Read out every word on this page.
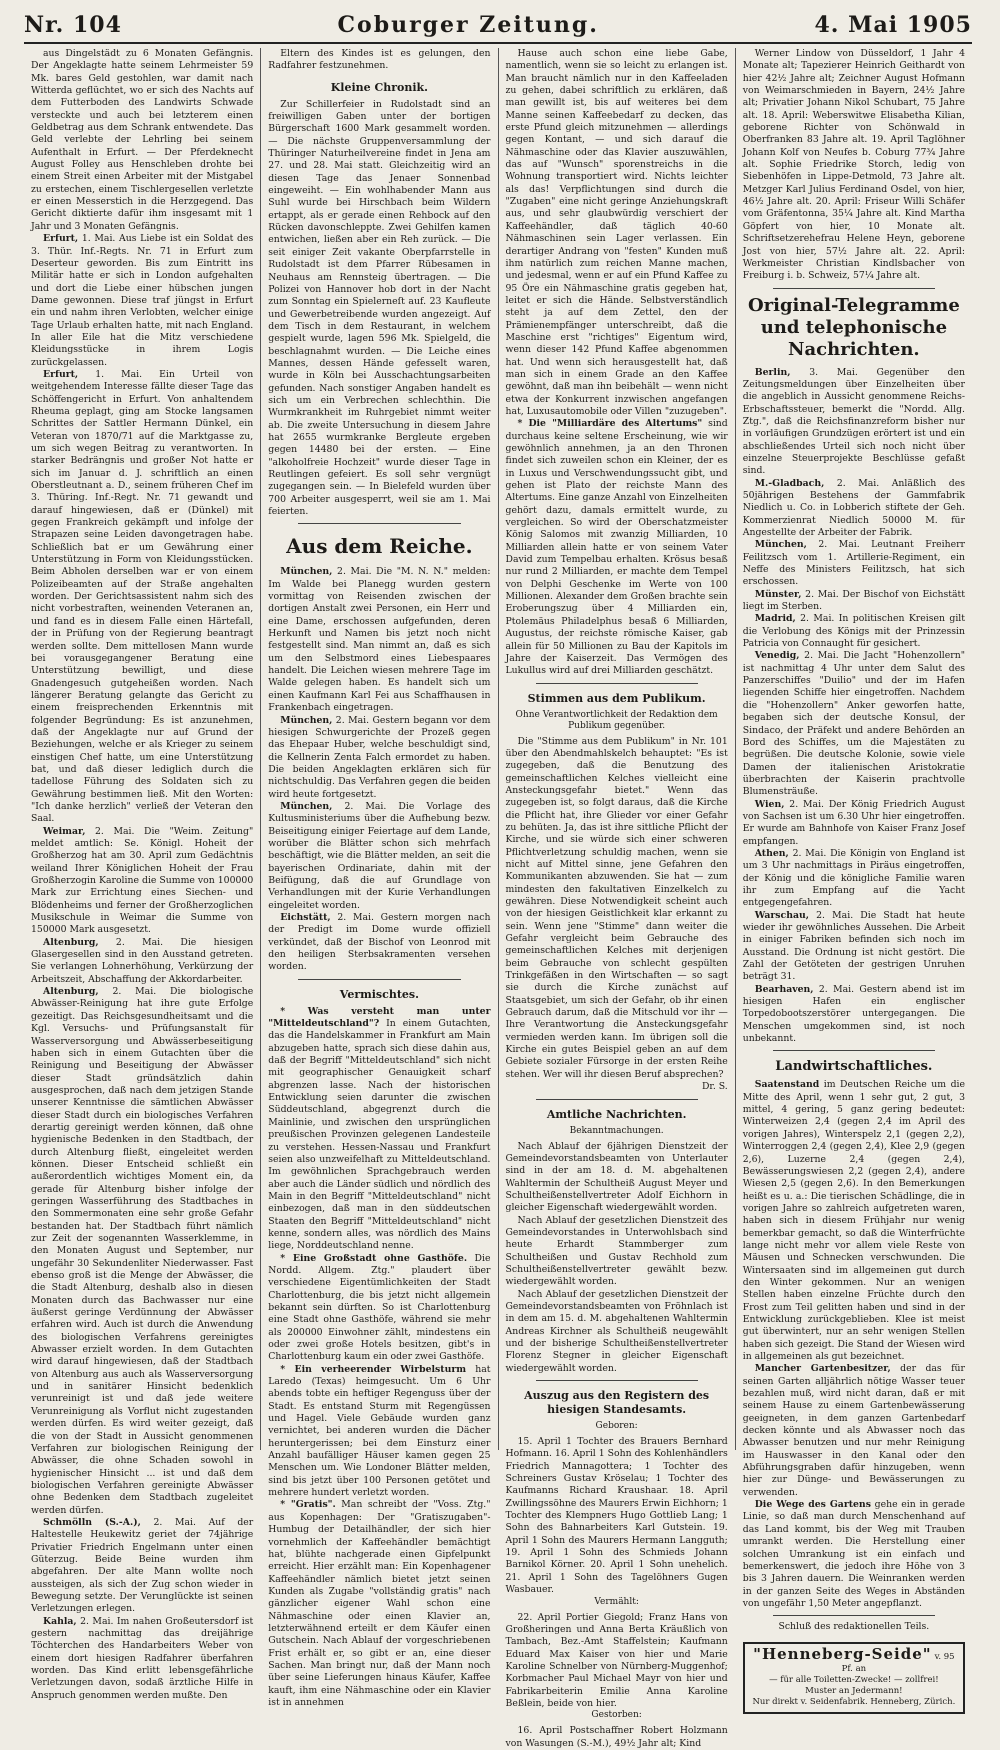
Nr. 104	Coburger Zeitung.	4. Mai 1905

aus Dingelstädt zu 6 Monaten Gefängnis. Der Angeklagte hatte seinem Lehrmeister 59 Mk. bares Geld gestohlen, war damit nach Witterda geflüchtet, wo er sich des Nachts auf dem Futterboden des Landwirts Schwade versteckte und auch bei letzterem einen Geldbetrag aus dem Schrank entwendete. Das Geld verlebte der Lehrling bei seinem Aufenthalt in Erfurt. — Der Pferdeknecht August Folley aus Henschleben drohte bei einem Streit einen Arbeiter mit der Mistgabel zu erstechen, einem Tischlergesellen verletzte er einen Messerstich in die Herzgegend. Das Gericht diktierte dafür ihm insgesamt mit 1 Jahr und 3 Monaten Gefängnis.

Erfurt, 1. Mai. Aus Liebe ist ein Soldat des 3. Thür. Inf.-Regts. Nr. 71 in Erfurt zum Deserteur geworden. Bis zum Eintritt ins Militär hatte er sich in London aufgehalten und dort die Liebe einer hübschen jungen Dame gewonnen. Diese traf jüngst in Erfurt ein und nahm ihren Verlobten, welcher einige Tage Urlaub erhalten hatte, mit nach England. In aller Eile hat die Mitz verschiedene Kleidungsstücke in ihrem Logis zurückgelassen.

Erfurt, 1. Mai. Ein Urteil von weitgehendem Interesse fällte dieser Tage das Schöffengericht in Erfurt. Von anhaltendem Rheuma geplagt, ging am Stocke langsamen Schrittes der Sattler Hermann Dünkel, ein Veteran von 1870/71 auf die Marktgasse zu, um sich wegen Beitrag zu verantworten. In starker Bedrängnis und großer Not hatte er sich im Januar d. J. schriftlich an einen Oberstleutnant a. D., seinem früheren Chef im 3. Thüring. Inf.-Regt. Nr. 71 gewandt und darauf hingewiesen, daß er (Dünkel) mit gegen Frankreich gekämpft und infolge der Strapazen seine Leiden davongetragen habe. Schließlich bat er um Gewährung einer Unterstützung in Form von Kleidungsstücken. Beim Abholen derselben war er von einem Polizeibeamten auf der Straße angehalten worden. Der Gerichtsassistent nahm sich des nicht vorbestraften, weinenden Veteranen an, und fand es in diesem Falle einen Härtefall, der in Prüfung von der Regierung beantragt werden sollte. Dem mittellosen Mann wurde bei vorausgegangener Beratung eine Unterstützung bewilligt, und diese Gnadengesuch gutgeheißen worden. Nach längerer Beratung gelangte das Gericht zu einem freisprechenden Erkenntnis mit folgender Begründung: Es ist anzunehmen, daß der Angeklagte nur auf Grund der Beziehungen, welche er als Krieger zu seinem einstigen Chef hatte, um eine Unterstützung bat, und daß dieser lediglich durch die tadellose Führung des Soldaten sich zu Gewährung bestimmen ließ. Mit den Worten: "Ich danke herzlich" verließ der Veteran den Saal.

Weimar, 2. Mai. Die "Weim. Zeitung" meldet amtlich: Se. Königl. Hoheit der Großherzog hat am 30. April zum Gedächtnis weiland Ihrer Königlichen Hoheit der Frau Großherzogin Karoline die Summe von 100000 Mark zur Errichtung eines Siechen- und Blödenheims und ferner der Großherzoglichen Musikschule in Weimar die Summe von 150000 Mark ausgesetzt.

Altenburg, 2. Mai. Die hiesigen Glasergesellen sind in den Ausstand getreten. Sie verlangen Lohnerhöhung, Verkürzung der Arbeitszeit, Abschaffung der Akkordarbeiter.

Altenburg, 2. Mai. Die biologische Abwässer-Reinigung hat ihre gute Erfolge gezeitigt. Das Reichsgesundheitsamt und die Kgl. Versuchs- und Prüfungsanstalt für Wasserversorgung und Abwässerbeseitigung haben sich in einem Gutachten über die Reinigung und Beseitigung der Abwässer dieser Stadt gründsätzlich dahin ausgesprochen, daß nach dem jetzigen Stande unserer Kenntnisse die sämtlichen Abwässer dieser Stadt durch ein biologisches Verfahren derartig gereinigt werden können, daß ohne hygienische Bedenken in den Stadtbach, der durch Altenburg fließt, eingeleitet werden können. Dieser Entscheid schließt ein außerordentlich wichtiges Moment ein, da gerade für Altenburg bisher infolge der geringen Wasserführung des Stadtbaches in den Sommermonaten eine sehr große Gefahr bestanden hat. Der Stadtbach führt nämlich zur Zeit der sogenannten Wasserklemme, in den Monaten August und September, nur ungefähr 30 Sekundenliter Niederwasser. Fast ebenso groß ist die Menge der Abwässer, die die Stadt Altenburg, deshalb also in diesen Monaten durch das Bachwasser nur eine äußerst geringe Verdünnung der Abwässer erfahren wird. Auch ist durch die Anwendung des biologischen Verfahrens gereinigtes Abwasser erzielt worden. In dem Gutachten wird darauf hingewiesen, daß der Stadtbach von Altenburg aus auch als Wasserversorgung und in sanitärer Hinsicht bedenklich verunreinigt ist und daß jede weitere Verunreinigung als Vorflut nicht zugestanden werden dürfen. Es wird weiter gezeigt, daß die von der Stadt in Aussicht genommenen Verfahren zur biologischen Reinigung der Abwässer, die ohne Schaden sowohl in hygienischer Hinsicht ... ist und daß dem biologischen Verfahren gereinigte Abwässer ohne Bedenken dem Stadtbach zugeleitet werden dürfen.

Schmölln (S.-A.), 2. Mai. Auf der Haltestelle Heukewitz geriet der 74jährige Privatier Friedrich Engelmann unter einen Güterzug. Beide Beine wurden ihm abgefahren. Der alte Mann wollte noch aussteigen, als sich der Zug schon wieder in Bewegung setzte. Der Verunglückte ist seinen Verletzungen erlegen.

Kahla, 2. Mai. Im nahen Großeutersdorf ist gestern nachmittag das dreijährige Töchterchen des Handarbeiters Weber von einem dort hiesigen Radfahrer überfahren worden. Das Kind erlitt lebensgefährliche Verletzungen davon, sodaß ärztliche Hilfe in Anspruch genommen werden mußte. Den

Eltern des Kindes ist es gelungen, den Radfahrer festzunehmen.

Kleine Chronik.

Zur Schillerfeier in Rudolstadt sind an freiwilligen Gaben unter der bortigen Bürgerschaft 1600 Mark gesammelt worden. — Die nächste Gruppenversammlung der Thüringer Naturheilvereine findet in Jena am 27. und 28. Mai statt. Gleichzeitig wird an diesen Tage das Jenaer Sonnenbad eingeweiht. — Ein wohlhabender Mann aus Suhl wurde bei Hirschbach beim Wildern ertappt, als er gerade einen Rehbock auf den Rücken davonschleppte. Zwei Gehilfen kamen entwichen, ließen aber ein Reh zurück. — Die seit einiger Zeit vakante Oberpfarrstelle in Rudolstadt ist dem Pfarrer Rübesamen in Neuhaus am Rennsteig übertragen. — Die Polizei von Hannover hob dort in der Nacht zum Sonntag ein Spielerneſt auf. 23 Kaufleute und Gewerbetreibende wurden angezeigt. Auf dem Tisch in dem Restaurant, in welchem gespielt wurde, lagen 596 Mk. Spielgeld, die beschlagnahmt wurden. — Die Leiche eines Mannes, dessen Hände gefesselt waren, wurde in Köln bei Ausschachtungsarbeiten gefunden. Nach sonstiger Angaben handelt es sich um ein Verbrechen schlechthin. Die Wurmkrankheit im Ruhrgebiet nimmt weiter ab. Die zweite Untersuchung in diesem Jahre hat 2655 wurmkranke Bergleute ergeben gegen 14480 bei der ersten. — Eine "alkoholfreie Hochzeit" wurde dieser Tage in Reutlingen gefeiert. Es soll sehr vergnügt zugegangen sein. — In Bielefeld wurden über 700 Arbeiter ausgesperrt, weil sie am 1. Mai feierten.

Aus dem Reiche.

München, 2. Mai. Die "M. N. N." melden: Im Walde bei Planegg wurden gestern vormittag von Reisenden zwischen der dortigen Anstalt zwei Personen, ein Herr und eine Dame, erschossen aufgefunden, deren Herkunft und Namen bis jetzt noch nicht festgestellt sind. Man nimmt an, daß es sich um den Selbstmord eines Liebespaares handelt. Die Leichen wiesen mehrere Tage im Walde gelegen haben. Es handelt sich um einen Kaufmann Karl Fei aus Schaffhausen in Frankenbach eingetragen.

München, 2. Mai. Gestern begann vor dem hiesigen Schwurgerichte der Prozeß gegen das Ehepaar Huber, welche beschuldigt sind, die Kellnerin Zenta Falch ermordet zu haben. Die beiden Angeklagten erklären sich für nichtschuldig. Das Verfahren gegen die beiden wird heute fortgesetzt.

München, 2. Mai. Die Vorlage des Kultusministeriums über die Aufhebung bezw. Beiseitigung einiger Feiertage auf dem Lande, worüber die Blätter schon sich mehrfach beschäftigt, wie die Blätter melden, an seit die bayerischen Ordinariate, dahin mit der Beifügung, daß die auf Grundlage von Verhandlungen mit der Kurie Verhandlungen eingeleitet worden.

Eichstätt, 2. Mai. Gestern morgen nach der Predigt im Dome wurde offiziell verkündet, daß der Bischof von Leonrod mit den heiligen Sterbsakramenten versehen worden.

Vermischtes.

* Was versteht man unter "Mitteldeutschland"? In einem Gutachten, das die Handelskammer in Frankfurt am Main abzugeben hatte, sprach sich diese dahin aus, daß der Begriff "Mitteldeutschland" sich nicht mit geographischer Genauigkeit scharf abgrenzen lasse. Nach der historischen Entwicklung seien darunter die zwischen Süddeutschland, abgegrenzt durch die Mainlinie, und zwischen den ursprünglichen preußischen Provinzen gelegenen Landesteile zu verstehen. Hessen-Nassau und Frankfurt seien also unzweifelhaft zu Mitteldeutschland. Im gewöhnlichen Sprachgebrauch werden aber auch die Länder südlich und nördlich des Main in den Begriff "Mitteldeutschland" nicht einbezogen, daß man in den süddeutschen Staaten den Begriff "Mitteldeutschland" nicht kenne, sondern alles, was nördlich des Mains liege, Norddeutschland nenne.

* Eine Großstadt ohne Gasthöfe. Die Nordd. Allgem. Ztg." plaudert über verschiedene Eigentümlichkeiten der Stadt Charlottenburg, die bis jetzt nicht allgemein bekannt sein dürften. So ist Charlottenburg eine Stadt ohne Gasthöfe, während sie mehr als 200000 Einwohner zählt, mindestens ein oder zwei große Hotels besitzen, gibt's in Charlottenburg kaum ein oder zwei Gasthöfe.

* Ein verheerender Wirbelsturm hat Laredo (Texas) heimgesucht. Um 6 Uhr abends tobte ein heftiger Regenguss über der Stadt. Es entstand Sturm mit Regengüssen und Hagel. Viele Gebäude wurden ganz vernichtet, bei anderen wurden die Dächer heruntergerissen; bei dem Einsturz einer Anzahl baufälliger Häuser kamen gegen 25 Menschen um. Wie Londoner Blätter melden, sind bis jetzt über 100 Personen getötet und mehrere hundert verletzt worden.

* "Gratis". Man schreibt der "Voss. Ztg." aus Kopenhagen: Der "Gratiszugaben"-Humbug der Detailhändler, der sich hier vornehmlich der Kaffeehändler bemächtigt hat, blühte nachgerade einen Gipfelpunkt erreicht. Hier erzählt man: Ein Kopenhagener Kaffeehändler nämlich bietet jetzt seinen Kunden als Zugabe "vollständig gratis" nach gänzlicher eigener Wahl schon eine Nähmaschine oder einen Klavier an, letzterwähnend erteilt er dem Käufer einen Gutschein. Nach Ablauf der vorgeschriebenen Frist erhält er, so gibt er an, eine dieser Sachen. Man bringt nur, daß der Mann noch über seine Lieferungen hinaus Käufer, Kaffee kauft, ihm eine Nähmaschine oder ein Klavier ist in annehmen

Hause auch schon eine liebe Gabe, namentlich, wenn sie so leicht zu erlangen ist. Man braucht nämlich nur in den Kaffeeladen zu gehen, dabei schriftlich zu erklären, daß man gewillt ist, bis auf weiteres bei dem Manne seinen Kaffeebedarf zu decken, das erste Pfund gleich mitzunehmen — allerdings gegen Kontant, — und sich darauf die Nähmaschine oder das Klavier auszuwählen, das auf "Wunsch" sporenstreichs in die Wohnung transportiert wird. Nichts leichter als das! Verpflichtungen sind durch die "Zugaben" eine nicht geringe Anziehungskraft aus, und sehr glaubwürdig verschiert der Kaffeehändler, daß täglich 40-60 Nähmaschinen sein Lager verlassen. Ein derartiger Andrang von "festen" Kunden muß ihm natürlich zum reichen Manne machen, und jedesmal, wenn er auf ein Pfund Kaffee zu 95 Öre ein Nähmaschine gratis gegeben hat, leitet er sich die Hände. Selbstverständlich steht ja auf dem Zettel, den der Prämienempfänger unterschreibt, daß die Maschine erst "richtiges" Eigentum wird, wenn dieser 142 Pfund Kaffee abgenommen hat. Und wenn sich herausgestellt hat, daß man sich in einem Grade an den Kaffee gewöhnt, daß man ihn beibehält — wenn nicht etwa der Konkurrent inzwischen angefangen hat, Luxusautomobile oder Villen "zuzugeben".

* Die "Milliardäre des Altertums" sind durchaus keine seltene Erscheinung, wie wir gewöhnlich annehmen, ja an den Thronen findet sich zuweilen schon ein Kleiner, der es in Luxus und Verschwendungssucht gibt, und gehen ist Plato der reichste Mann des Altertums. Eine ganze Anzahl von Einzelheiten gehört dazu, damals ermittelt wurde, zu vergleichen. So wird der Oberschatzmeister König Salomos mit zwanzig Milliarden, 10 Milliarden allein hatte er von seinem Vater David zum Tempelbau erhalten. Krösus besaß nur rund 2 Milliarden, er machte dem Tempel von Delphi Geschenke im Werte von 100 Millionen. Alexander dem Großen brachte sein Eroberungszug über 4 Milliarden ein, Ptolemäus Philadelphus besaß 6 Milliarden, Augustus, der reichste römische Kaiser, gab allein für 50 Millionen zu Bau der Kapitols im Jahre der Kaiserzeit. Das Vermögen des Lukullus wird auf drei Milliarden geschätzt.

Stimmen aus dem Publikum.
Ohne Verantwortlichkeit der Redaktion dem Publikum gegenüber.

Die "Stimme aus dem Publikum" in Nr. 101 über den Abendmahlskelch behauptet: "Es ist zugegeben, daß die Benutzung des gemeinschaftlichen Kelches vielleicht eine Ansteckungsgefahr bietet." Wenn das zugegeben ist, so folgt daraus, daß die Kirche die Pflicht hat, ihre Glieder vor einer Gefahr zu behüten. Ja, das ist ihre sittliche Pflicht der Kirche, und sie würde sich einer schweren Pflichtverletzung schuldig machen, wenn sie nicht auf Mittel sinne, jene Gefahren den Kommunikanten abzuwenden. Sie hat — zum mindesten den fakultativen Einzelkelch zu gewähren. Diese Notwendigkeit scheint auch von der hiesigen Geistlichkeit klar erkannt zu sein. Wenn jene "Stimme" dann weiter die Gefahr vergleicht beim Gebrauche des gemeinschaftlichen Kelches mit derjenigen beim Gebrauche von schlecht gespülten Trinkgefäßen in den Wirtschaften — so sagt sie durch die Kirche zunächst auf Staatsgebiet, um sich der Gefahr, ob ihr einen Gebrauch darum, daß die Mitschuld vor ihr — Ihre Verantwortung die Ansteckungsgefahr vermieden werden kann. Im übrigen soll die Kirche ein gutes Beispiel geben an auf dem Gebiete sozialer Fürsorge in der ersten Reihe stehen. Wer will ihr diesen Beruf absprechen?

Dr. S.

Amtliche Nachrichten.
Bekanntmachungen.

Nach Ablauf der 6jährigen Dienstzeit der Gemeindevorstandsbeamten von Unterlauter sind in der am 18. d. M. abgehaltenen Wahltermin der Schultheiß August Meyer und Schultheißenstellvertreter Adolf Eichhorn in gleicher Eigenschaft wiedergewählt worden.

Nach Ablauf der gesetzlichen Dienstzeit des Gemeindevorstandes in Unterwohlsbach sind heute Erhardt Stammberger zum Schultheißen und Gustav Rechhold zum Schultheißenstellvertreter gewählt bezw. wiedergewählt worden.

Nach Ablauf der gesetzlichen Dienstzeit der Gemeindevorstandsbeamten von Fröhnlach ist in dem am 15. d. M. abgehaltenen Wahltermin Andreas Kirchner als Schultheiß neugewählt und der bisherige Schultheißenstellvertreter Florenz Stegner in gleicher Eigenschaft wiedergewählt worden.

Auszug aus den Registern des hiesigen Standesamts.
Geboren:

15. April 1 Tochter des Brauers Bernhard Hofmann. 16. April 1 Sohn des Kohlenhändlers Friedrich Mannagottera; 1 Tochter des Schreiners Gustav Kröselau; 1 Tochter des Kaufmanns Richard Kraushaar. 18. April Zwillingssöhne des Maurers Erwin Eichhorn; 1 Tochter des Klempners Hugo Gottlieb Lang; 1 Sohn des Bahnarbeiters Karl Gutstein. 19. April 1 Sohn des Maurers Hermann Langguth; 19. April 1 Sohn des Schmieds Johann Barnikol Körner. 20. April 1 Sohn unehelich. 21. April 1 Sohn des Tagelöhners Gugen Wasbauer.

Vermählt:

22. April Portier Giegold; Franz Hans von Großheringen und Anna Berta Kräußlich von Tambach, Bez.-Amt Staffelstein; Kaufmann Eduard Max Kaiser von hier und Marie Karoline Schnelber von Nürnberg-Muggenhof; Korbmacher Paul Michael Mayr von hier und Fabrikarbeiterin Emilie Anna Karoline Beßlein, beide von hier.

Gestorben:

16. April Postschaffner Robert Holzmann von Wasungen (S.-M.), 49½ Jahr alt; Kind

Werner Lindow von Düsseldorf, 1 Jahr 4 Monate alt; Tapezierer Heinrich Geithardt von hier 42½ Jahre alt; Zeichner August Hofmann von Weimarschmieden in Bayern, 24½ Jahre alt; Privatier Johann Nikol Schubart, 75 Jahre alt. 18. April: Weberswitwe Elisabetha Kilian, geborene Richter von Schönwald in Oberfranken 83 Jahre alt. 19. April Taglöhner Johann Kolf von Neufes b. Coburg 77¾ Jahre alt. Sophie Friedrike Storch, ledig von Siebenhöfen in Lippe-Detmold, 73 Jahre alt. Metzger Karl Julius Ferdinand Osdel, von hier, 46½ Jahre alt. 20. April: Friseur Willi Schäfer vom Gräfentonna, 35¼ Jahre alt. Kind Martha Göpfert von hier, 10 Monate alt. Schriftsetzerehefrau Helene Heyn, geborene Jost von hier, 57½ Jahre alt. 22. April: Werkmeister Christian Kindlsbacher von Freiburg i. b. Schweiz, 57¼ Jahre alt.

Original-Telegramme und telephonische Nachrichten.

Berlin, 3. Mai. Gegenüber den Zeitungsmeldungen über Einzelheiten über die angeblich in Aussicht genommene Reichs-Erbschaftssteuer, bemerkt die "Nordd. Allg. Ztg.", daß die Reichsfinanzreform bisher nur in vorläufigen Grundzügen erörtert ist und ein abschließendes Urteil sich noch nicht über einzelne Steuerprojekte Beschlüsse gefaßt sind.

M.-Gladbach, 2. Mai. Anläßlich des 50jährigen Bestehens der Gammfabrik Niedlich u. Co. in Lobberich stiftete der Geh. Kommerzienrat Niedlich 50000 M. für Angestellte der Arbeiter der Fabrik.

München, 2. Mai. Leutnant Freiherr Feilitzsch vom 1. Artillerie-Regiment, ein Neffe des Ministers Feilitzsch, hat sich erschossen.

Münster, 2. Mai. Der Bischof von Eichstätt liegt im Sterben.

Madrid, 2. Mai. In politischen Kreisen gilt die Verlobung des Königs mit der Prinzessin Patricia von Connaught für gesichert.

Venedig, 2. Mai. Die Jacht "Hohenzollern" ist nachmittag 4 Uhr unter dem Salut des Panzerschiffes "Duilio" und der im Hafen liegenden Schiffe hier eingetroffen. Nachdem die "Hohenzollern" Anker geworfen hatte, begaben sich der deutsche Konsul, der Sindaco, der Präfekt und andere Behörden an Bord des Schiffes, um die Majestäten zu begrüßen. Die deutsche Kolonie, sowie viele Damen der italienischen Aristokratie überbrachten der Kaiserin prachtvolle Blumensträuße.

Wien, 2. Mai. Der König Friedrich August von Sachsen ist um 6.30 Uhr hier eingetroffen. Er wurde am Bahnhofe von Kaiser Franz Josef empfangen.

Athen, 2. Mai. Die Königin von England ist um 3 Uhr nachmittags in Piräus eingetroffen, der König und die königliche Familie waren ihr zum Empfang auf die Yacht entgegengefahren.

Warschau, 2. Mai. Die Stadt hat heute wieder ihr gewöhnliches Aussehen. Die Arbeit in einiger Fabriken befinden sich noch im Ausstand. Die Ordnung ist nicht gestört. Die Zahl der Getöteten der gestrigen Unruhen beträgt 31.

Bearhaven, 2. Mai. Gestern abend ist im hiesigen Hafen ein englischer Torpedobootszerstörer untergegangen. Die Menschen umgekommen sind, ist noch unbekannt.

Landwirtschaftliches.

Saatenstand im Deutschen Reiche um die Mitte des April, wenn 1 sehr gut, 2 gut, 3 mittel, 4 gering, 5 ganz gering bedeutet: Winterweizen 2,4 (gegen 2,4 im April des vorigen Jahres), Winterspelz 2,1 (gegen 2,2), Winterroggen 2,4 (gegen 2,4), Klee 2,9 (gegen 2,6), Luzerne 2,4 (gegen 2,4), Bewässerungswiesen 2,2 (gegen 2,4), andere Wiesen 2,5 (gegen 2,6). In den Bemerkungen heißt es u. a.: Die tierischen Schädlinge, die in vorigen Jahre so zahlreich aufgetreten waren, haben sich in diesem Frühjahr nur wenig bemerkbar gemacht, so daß die Winterfrüchte lange nicht mehr vor allem viele Reste von Mäusen und Schnecken verschwunden. Die Wintersaaten sind im allgemeinen gut durch den Winter gekommen. Nur an wenigen Stellen haben einzelne Früchte durch den Frost zum Teil gelitten haben und sind in der Entwicklung zurückgeblieben. Klee ist meist gut überwintert, nur an sehr wenigen Stellen haben sich gezeigt. Die Stand der Wiesen wird in allgemeinen als gut bezeichnet.

Mancher Gartenbesitzer, der das für seinen Garten alljährlich nötige Wasser teuer bezahlen muß, wird nicht daran, daß er mit seinem Hause zu einem Gartenbewässerung geeigneten, in dem ganzen Gartenbedarf decken könnte und als Abwasser noch das Abwasser benutzen und nur mehr Reinigung im Hauswasser in den Kanal oder den Abführungsgraben dafür hinzugeben, wenn hier zur Dünge- und Bewässerungen zu verwenden.

Die Wege des Gartens gehe ein in gerade Linie, so daß man durch Menschenhand auf das Land kommt, bis der Weg mit Trauben umrankt werden. Die Herstellung einer solchen Umrankung ist ein einfach und bemerkenswert, die jedoch ihre Höhe von 3 bis 3 Jahren dauern. Die Weinranken werden in der ganzen Seite des Weges in Abständen von ungefähr 1,50 Meter angepflanzt.

Schluß des redaktionellen Teils.

"Henneberg-Seide" v. 95 Pf. an
— für alle Toiletten-Zwecke! — zollfrei!
Muster an Jedermann!
Nur direkt v. Seidenfabrik. Henneberg, Zürich.
